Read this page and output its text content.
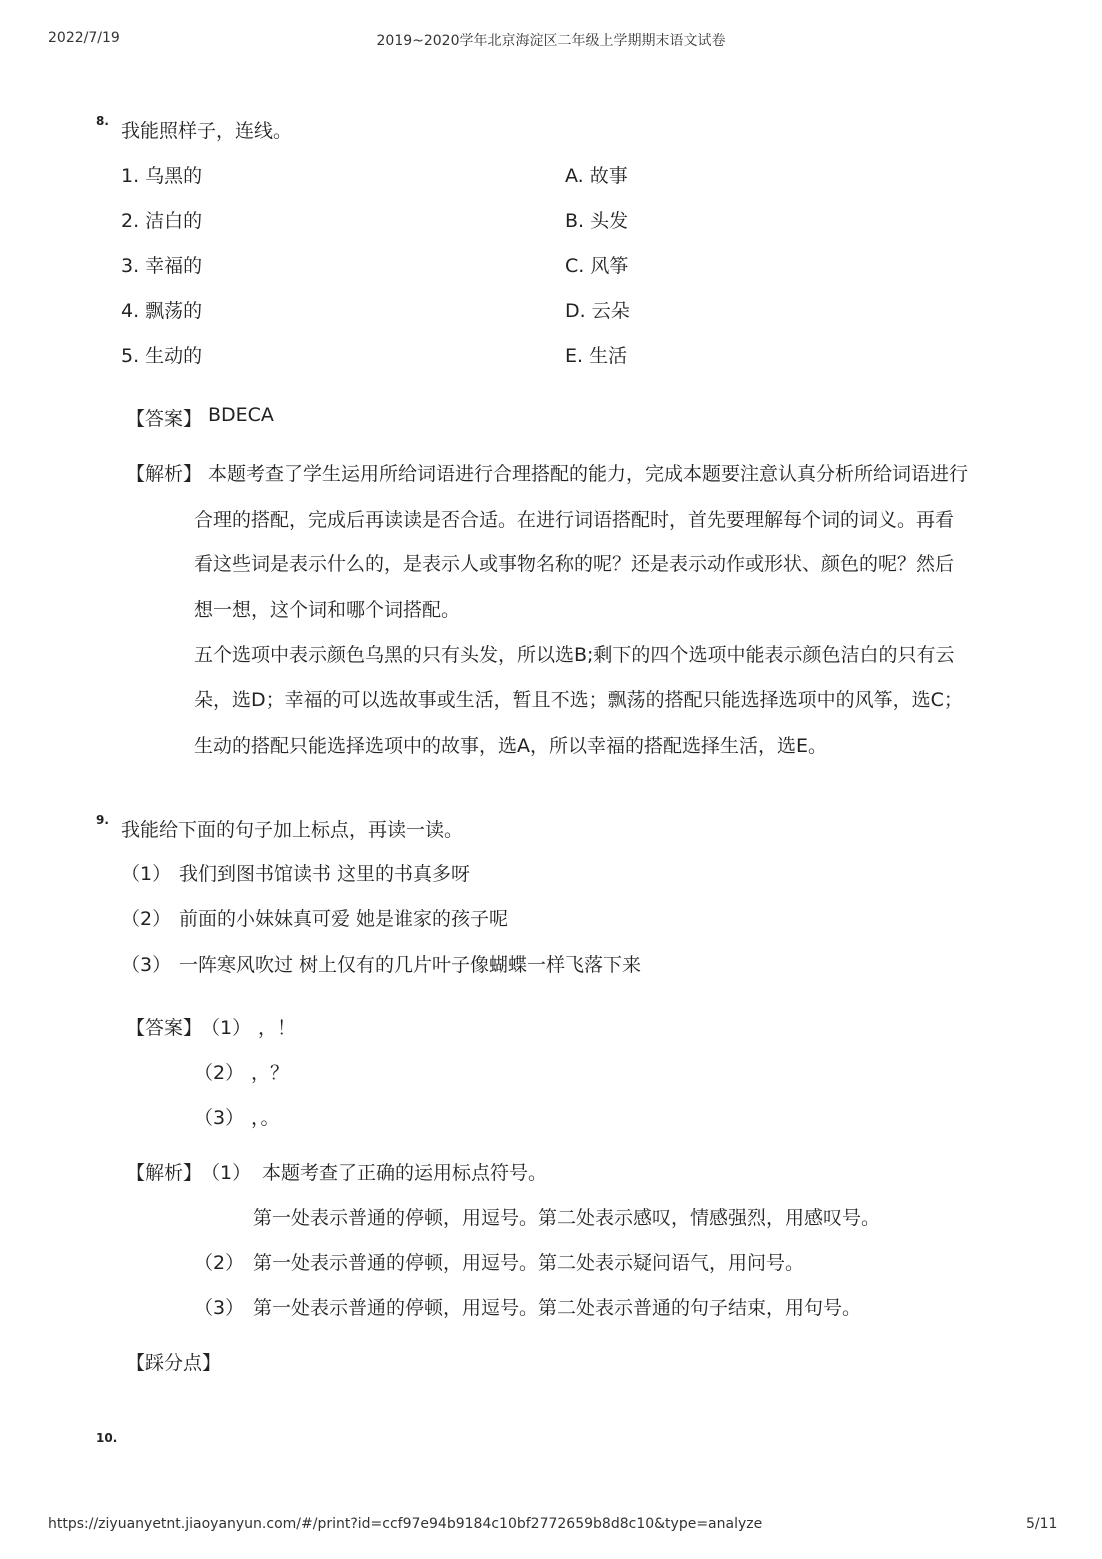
2022/7/19	2019~2020学年北京海淀区二年级上学期期末语文试卷
8. 我能照样子，连线。
1. 乌黑的
2. 洁白的
3. 幸福的
4. 飘荡的
5. 生动的
A. 故事
B. 头发
C. 风筝
D. 云朵
E. 生活
【答案】 BDECA
【解析】 本题考查了学生运用所给词语进行合理搭配的能力，完成本题要注意认真分析所给词语进行
合理的搭配，完成后再读读是否合适。在进行词语搭配时，首先要理解每个词的词义。再看
看这些词是表示什么的，是表示人或事物名称的呢？还是表示动作或形状、颜色的呢？然后
想一想，这个词和哪个词搭配。
五个选项中表示颜色乌黑的只有头发，所以选B;剩下的四个选项中能表示颜色洁白的只有云
朵，选D；幸福的可以选故事或生活，暂且不选；飘荡的搭配只能选择选项中的风筝，选C；
生动的搭配只能选择选项中的故事，选A，所以幸福的搭配选择生活，选E。
9. 我能给下面的句子加上标点，再读一读。
（1） 我们到图书馆读书 这里的书真多呀
（2） 前面的小妹妹真可爱 她是谁家的孩子呢
（3） 一阵寒风吹过 树上仅有的几片叶子像蝴蝶一样飞落下来
【答案】
（1） ，！
（2） ，？
（3） ，。
【解析】
（1） 本题考查了正确的运用标点符号。
第一处表示普通的停顿，用逗号。第二处表示感叹，情感强烈，用感叹号。
（2） 第一处表示普通的停顿，用逗号。第二处表示疑问语气，用问号。
（3） 第一处表示普通的停顿，用逗号。第二处表示普通的句子结束，用句号。
【踩分点】
10.
https://ziyuanyetnt.jiaoyanyun.com/#/print?id=ccf97e94b9184c10bf2772659b8d8c10&type=analyze	5/11
